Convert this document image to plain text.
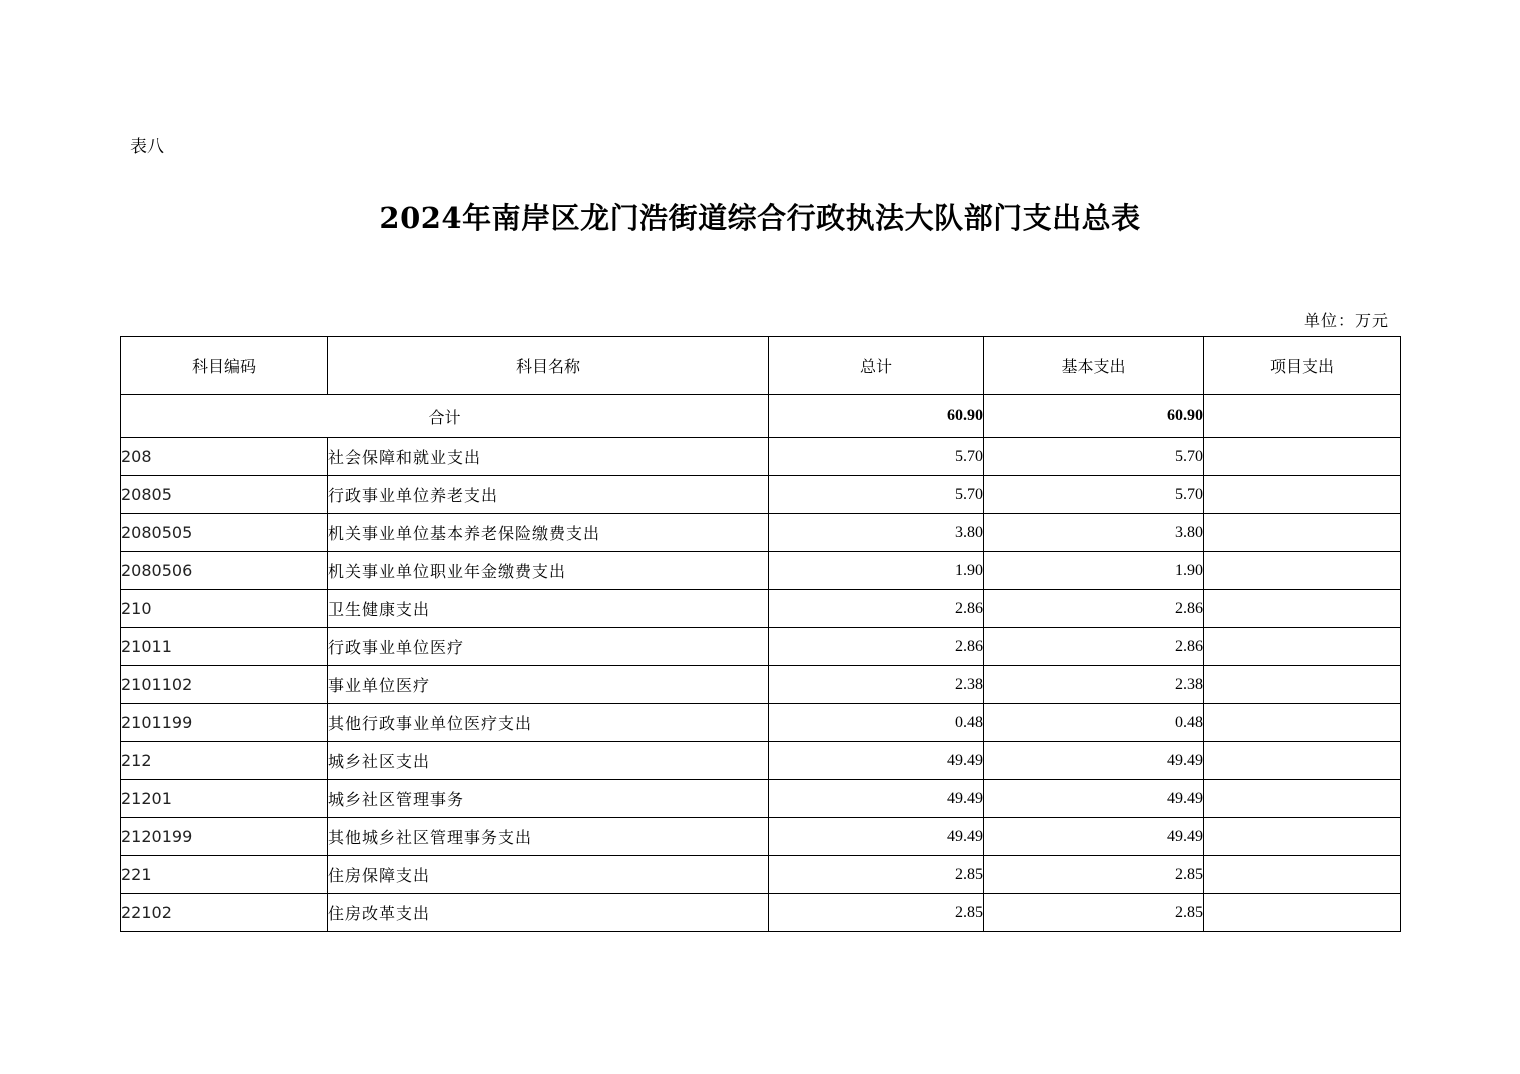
表八
2024年南岸区龙门浩街道综合行政执法大队部门支出总表
单位：万元
科目编码	科目名称	总计	基本支出	项目支出
合计		60.90	60.90	
208	社会保障和就业支出	5.70	5.70	
20805	行政事业单位养老支出	5.70	5.70	
2080505	机关事业单位基本养老保险缴费支出	3.80	3.80	
2080506	机关事业单位职业年金缴费支出	1.90	1.90	
210	卫生健康支出	2.86	2.86	
21011	行政事业单位医疗	2.86	2.86	
2101102	事业单位医疗	2.38	2.38	
2101199	其他行政事业单位医疗支出	0.48	0.48	
212	城乡社区支出	49.49	49.49	
21201	城乡社区管理事务	49.49	49.49	
2120199	其他城乡社区管理事务支出	49.49	49.49	
221	住房保障支出	2.85	2.85	
22102	住房改革支出	2.85	2.85	
